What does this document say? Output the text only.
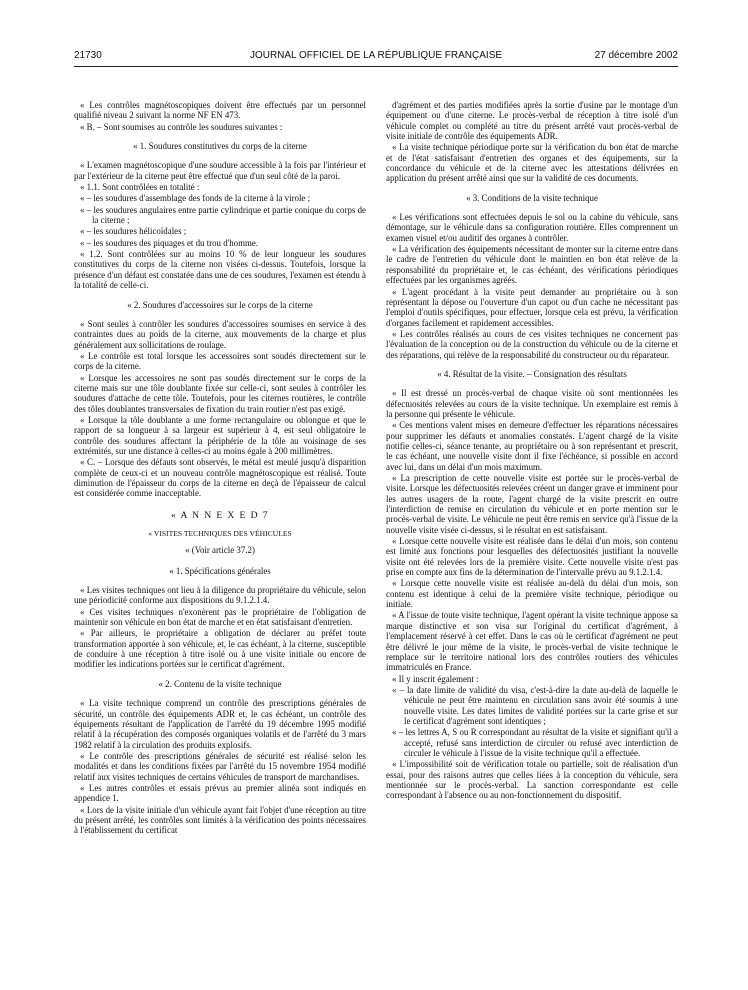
21730	JOURNAL OFFICIEL DE LA RÉPUBLIQUE FRANÇAISE	27 décembre 2002

« Les contrôles magnétoscopiques doivent être effectués par un personnel qualifié niveau 2 suivant la norme NF EN 473.

« B. – Sont soumises au contrôle les soudures suivantes :

« 1. Soudures constitutives du corps de la citerne

« L'examen magnétoscopique d'une soudure accessible à la fois par l'intérieur et par l'extérieur de la citerne peut être effectué que d'un seul côté de la paroi.

« 1.1. Sont contrôlées en totalité :

« – les soudures d'assemblage des fonds de la citerne à la virole ;

« – les soudures angulaires entre partie cylindrique et partie conique du corps de la citerne ;

« – les soudures hélicoïdales ;

« – les soudures des piquages et du trou d'homme.

« 1.2. Sont contrôlées sur au moins 10 % de leur longueur les soudures constitutives du corps de la citerne non visées ci-dessus. Toutefois, lorsque la présence d'un défaut est constatée dans une de ces soudures, l'examen est étendu à la totalité de celle-ci.

« 2. Soudures d'accessoires sur le corps de la citerne

« Sont seules à contrôler les soudures d'accessoires soumises en service à des contraintes dues au poids de la citerne, aux mouvements de la charge et plus généralement aux sollicitations de roulage.

« Le contrôle est total lorsque les accessoires sont soudés directement sur le corps de la citerne.

« Lorsque les accessoires ne sont pas soudés directement sur le corps de la citerne mais sur une tôle doublante fixée sur celle-ci, sont seules à contrôler les soudures d'attache de cette tôle. Toutefois, pour les citernes routières, le contrôle des tôles doublantes transversales de fixation du train routier n'est pas exigé.

« Lorsque la tôle doublante a une forme rectangulaire ou oblongue et que le rapport de sa longueur à sa largeur est supérieur à 4, est seul obligatoire le contrôle des soudures affectant la périphérie de la tôle au voisinage de ses extrémités, sur une distance à celles-ci au moins égale à 200 millimètres.

« C. – Lorsque des défauts sont observés, le métal est meulé jusqu'à disparition complète de ceux-ci et un nouveau contrôle magnétoscopique est réalisé. Toute diminution de l'épaisseur du corps de la citerne en deçà de l'épaisseur de calcul est considérée comme inacceptable.

« A N N E X E D 7

« VISITES TECHNIQUES DES VÉHICULES

« (Voir article 37.2)

« 1. Spécifications générales

« Les visites techniques ont lieu à la diligence du propriétaire du véhicule, selon une périodicité conforme aux dispositions du 9.1.2.1.4.

« Ces visites techniques n'exonèrent pas le propriétaire de l'obligation de maintenir son véhicule en bon état de marche et en état satisfaisant d'entretien.

« Par ailleurs, le propriétaire a obligation de déclarer au préfet toute transformation apportée à son véhicule, et, le cas échéant, à la citerne, susceptible de conduire à une réception à titre isolé ou à une visite initiale ou encore de modifier les indications portées sur le certificat d'agrément.

« 2. Contenu de la visite technique

« La visite technique comprend un contrôle des prescriptions générales de sécurité, un contrôle des équipements ADR et, le cas échéant, un contrôle des équipements résultant de l'application de l'arrêté du 19 décembre 1995 modifié relatif à la récupération des composés organiques volatils et de l'arrêté du 3 mars 1982 relatif à la circulation des produits explosifs.

« Le contrôle des prescriptions générales de sécurité est réalisé selon les modalités et dans les conditions fixées par l'arrêté du 15 novembre 1954 modifié relatif aux visites techniques de certains véhicules de transport de marchandises.

« Les autres contrôles et essais prévus au premier alinéa sont indiqués en appendice 1.

« Lors de la visite initiale d'un véhicule ayant fait l'objet d'une réception au titre du présent arrêté, les contrôles sont limités à la vérification des points nécessaires à l'établissement du certificat

d'agrément et des parties modifiées après la sortie d'usine par le montage d'un équipement ou d'une citerne. Le procès-verbal de réception à titre isolé d'un véhicule complet ou complété au titre du présent arrêté vaut procès-verbal de visite initiale de contrôle des équipements ADR.

« La visite technique périodique porte sur la vérification du bon état de marche et de l'état satisfaisant d'entretien des organes et des équipements, sur la concordance du véhicule et de la citerne avec les attestations délivrées en application du présent arrêté ainsi que sur la validité de ces documents.

« 3. Conditions de la visite technique

« Les vérifications sont effectuées depuis le sol ou la cabine du véhicule, sans démontage, sur le véhicule dans sa configuration routière. Elles comprennent un examen visuel et/ou auditif des organes à contrôler.

« La vérification des équipements nécessitant de monter sur la citerne entre dans le cadre de l'entretien du véhicule dont le maintien en bon état relève de la responsabilité du propriétaire et, le cas échéant, des vérifications périodiques effectuées par les organismes agréés.

« L'agent procédant à la visite peut demander au propriétaire ou à son représentant la dépose ou l'ouverture d'un capot ou d'un cache ne nécessitant pas l'emploi d'outils spécifiques, pour effectuer, lorsque cela est prévu, la vérification d'organes facilement et rapidement accessibles.

« Les contrôles réalisés au cours de ces visites techniques ne concernent pas l'évaluation de la conception ou de la construction du véhicule ou de la citerne et des réparations, qui relève de la responsabilité du constructeur ou du réparateur.

« 4. Résultat de la visite. – Consignation des résultats

« Il est dressé un procès-verbal de chaque visite où sont mentionnées les défectuosités relevées au cours de la visite technique. Un exemplaire est remis à la personne qui présente le véhicule.

« Ces mentions valent mises en demeure d'effectuer les réparations nécessaires pour supprimer les défauts et anomalies constatés. L'agent chargé de la visite notifie celles-ci, séance tenante, au propriétaire ou à son représentant et prescrit, le cas échéant, une nouvelle visite dont il fixe l'échéance, si possible en accord avec lui, dans un délai d'un mois maximum.

« La prescription de cette nouvelle visite est portée sur le procès-verbal de visite. Lorsque les défectuosités relevées créent un danger grave et imminent pour les autres usagers de la route, l'agent chargé de la visite prescrit en outre l'interdiction de remise en circulation du véhicule et en porte mention sur le procès-verbal de visite. Le véhicule ne peut être remis en service qu'à l'issue de la nouvelle visite visée ci-dessus, si le résultat en est satisfaisant.

« Lorsque cette nouvelle visite est réalisée dans le délai d'un mois, son contenu est limité aux fonctions pour lesquelles des défectuosités justifiant la nouvelle visite ont été relevées lors de la première visite. Cette nouvelle visite n'est pas prise en compte aux fins de la détermination de l'intervalle prévu au 9.1.2.1.4.

« Lorsque cette nouvelle visite est réalisée au-delà du délai d'un mois, son contenu est identique à celui de la première visite technique, périodique ou initiale.

« A l'issue de toute visite technique, l'agent opérant la visite technique appose sa marque distinctive et son visa sur l'original du certificat d'agrément, à l'emplacement réservé à cet effet. Dans le cas où le certificat d'agrément ne peut être délivré le jour même de la visite, le procès-verbal de visite technique le remplace sur le territoire national lors des contrôles routiers des véhicules immatriculés en France.

« Il y inscrit également :

« – la date limite de validité du visa, c'est-à-dire la date au-delà de laquelle le véhicule ne peut être maintenu en circulation sans avoir été soumis à une nouvelle visite. Les dates limites de validité portées sur la carte grise et sur le certificat d'agrément sont identiques ;

« – les lettres A, S ou R correspondant au résultat de la visite et signifiant qu'il a accepté, refusé sans interdiction de circuler ou refusé avec interdiction de circuler le véhicule à l'issue de la visite technique qu'il a effectuée.

« L'impossibilité soit de vérification totale ou partielle, soit de réalisation d'un essai, pour des raisons autres que celles liées à la conception du véhicule, sera mentionnée sur le procès-verbal. La sanction correspondante est celle correspondant à l'absence ou au non-fonctionnement du dispositif.
